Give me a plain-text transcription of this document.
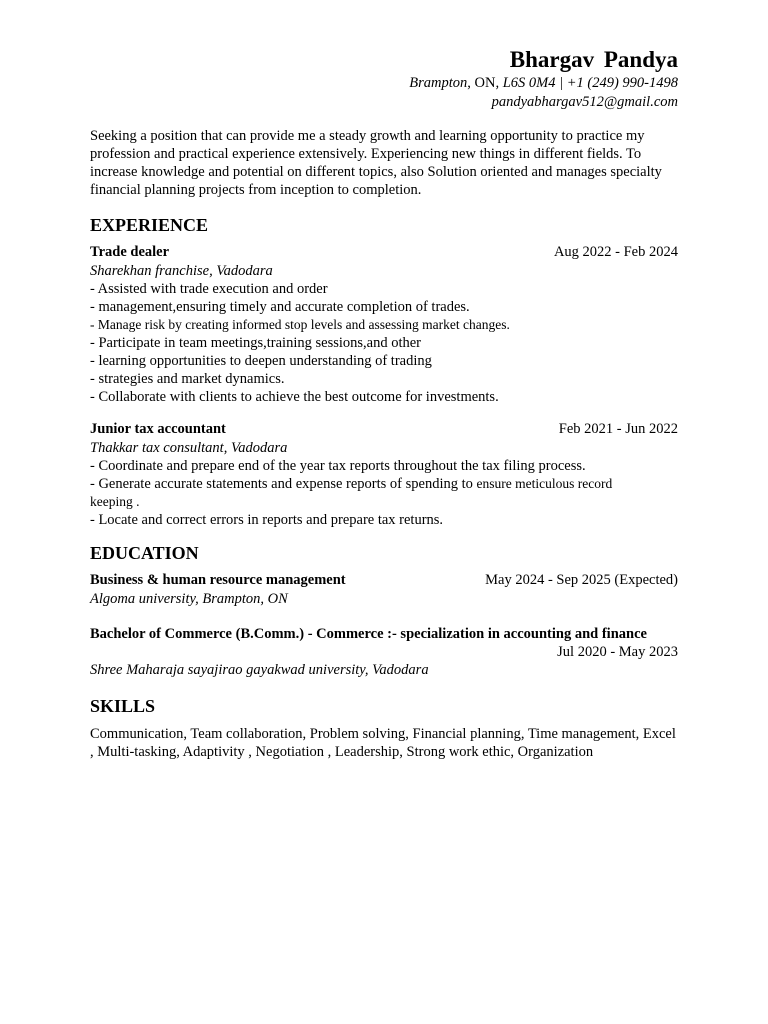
Bhargav Pandya
Brampton, ON, L6S 0M4 | +1 (249) 990-1498
pandyabhargav512@gmail.com
Seeking a position that can provide me a steady growth and learning opportunity to practice my profession and practical experience extensively. Experiencing new things in different fields. To increase knowledge and potential on different topics, also Solution oriented and manages specialty financial planning projects from inception to completion.
EXPERIENCE
Trade dealer	Aug 2022 - Feb 2024
Sharekhan franchise, Vadodara
- Assisted with trade execution and order
- management,ensuring timely and accurate completion of trades.
- Manage risk by creating informed stop levels and assessing market changes.
- Participate in team meetings,training sessions,and other
- learning opportunities to deepen understanding of trading
- strategies and market dynamics.
- Collaborate with clients to achieve the best outcome for investments.
Junior tax accountant	Feb 2021 - Jun 2022
Thakkar tax consultant, Vadodara
- Coordinate and prepare end of the year tax reports throughout the tax filing process.
- Generate accurate statements and expense reports of spending to ensure meticulous record
keeping .
- Locate and correct errors in reports and prepare tax returns.
EDUCATION
Business & human resource management	May 2024 - Sep 2025 (Expected)
Algoma university, Brampton, ON
Bachelor of Commerce (B.Comm.) - Commerce :- specialization in accounting and finance
Jul 2020 - May 2023
Shree Maharaja sayajirao gayakwad university, Vadodara
SKILLS
Communication, Team collaboration, Problem solving, Financial planning, Time management, Excel , Multi-tasking, Adaptivity , Negotiation , Leadership, Strong work ethic, Organization
